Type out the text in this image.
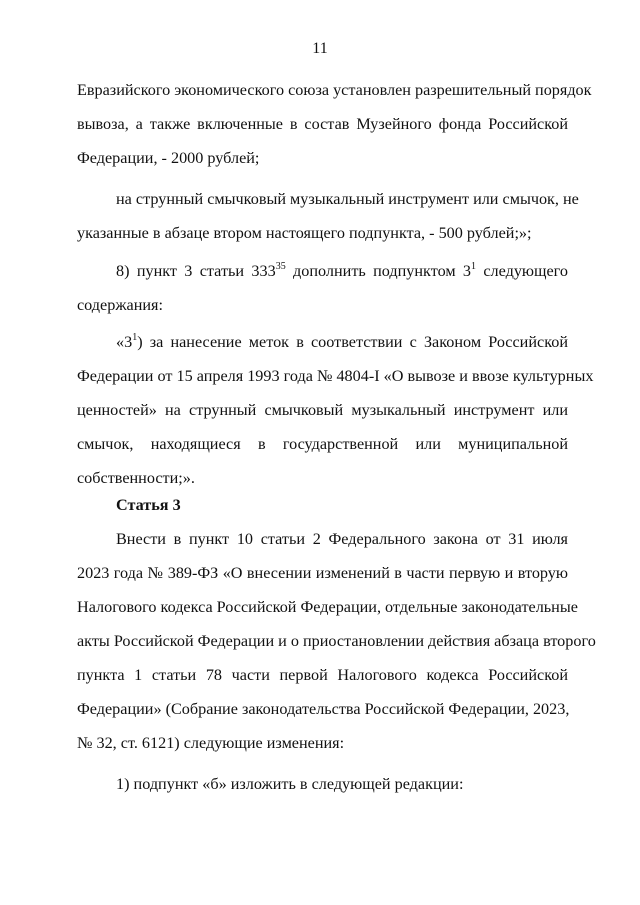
11
Евразийского экономического союза установлен разрешительный порядок
вывоза, а также включенные в состав Музейного фонда Российской
Федерации, - 2000 рублей;
на струнный смычковый музыкальный инструмент или смычок, не
указанные в абзаце втором настоящего подпункта, - 500 рублей;»;
8) пункт 3 статьи $333^{35}$ дополнить подпунктом $3^1$ следующего
содержания:
«$3^1$) за нанесение меток в соответствии с Законом Российской
Федерации от 15 апреля 1993 года № 4804-I «О вывозе и ввозе культурных
ценностей» на струнный смычковый музыкальный инструмент или
смычок, находящиеся в государственной или муниципальной
собственности;».
Статья 3
Внести в пункт 10 статьи 2 Федерального закона от 31 июля
2023 года № 389-ФЗ «О внесении изменений в части первую и вторую
Налогового кодекса Российской Федерации, отдельные законодательные
акты Российской Федерации и о приостановлении действия абзаца второго
пункта 1 статьи 78 части первой Налогового кодекса Российской
Федерации» (Собрание законодательства Российской Федерации, 2023,
№ 32, ст. 6121) следующие изменения:
1) подпункт «б» изложить в следующей редакции:
